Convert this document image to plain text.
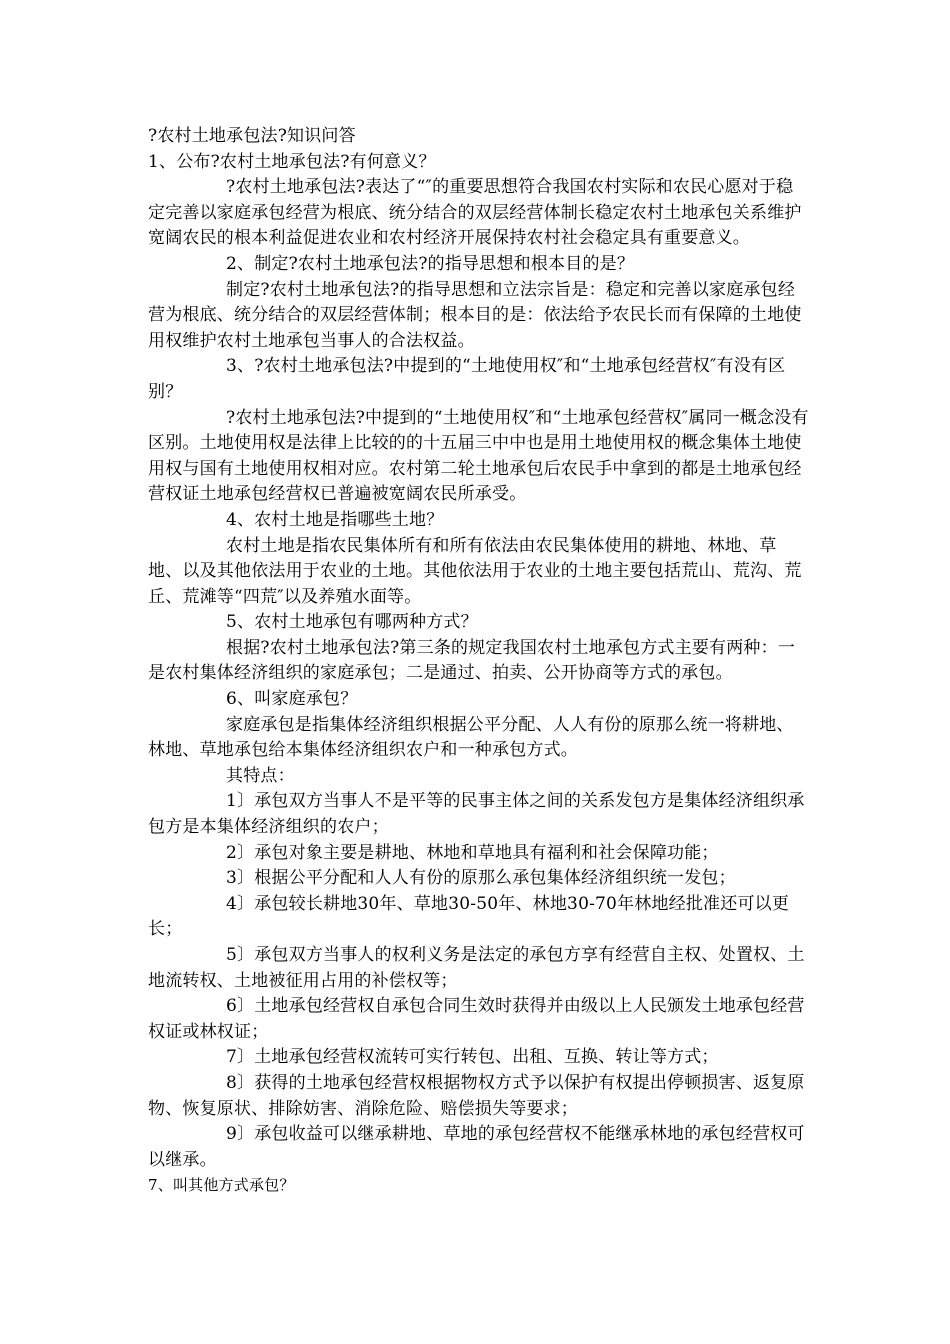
?农村土地承包法?知识问答

1、公布?农村土地承包法?有何意义？

?农村土地承包法?表达了“″的重要思想符合我国农村实际和农民心愿对于稳定完善以家庭承包经营为根底、统分结合的双层经营体制长稳定农村土地承包关系维护宽阔农民的根本利益促进农业和农村经济开展保持农村社会稳定具有重要意义。

2、制定?农村土地承包法?的指导思想和根本目的是？

制定?农村土地承包法?的指导思想和立法宗旨是：稳定和完善以家庭承包经营为根底、统分结合的双层经营体制；根本目的是：依法给予农民长而有保障的土地使用权维护农村土地承包当事人的合法权益。

3、?农村土地承包法?中提到的“土地使用权″和“土地承包经营权″有没有区别？

?农村土地承包法?中提到的“土地使用权″和“土地承包经营权″属同一概念没有区别。土地使用权是法律上比较的的十五届三中中也是用土地使用权的概念集体土地使用权与国有土地使用权相对应。农村第二轮土地承包后农民手中拿到的都是土地承包经营权证土地承包经营权已普遍被宽阔农民所承受。

4、农村土地是指哪些土地？

农村土地是指农民集体所有和所有依法由农民集体使用的耕地、林地、草地、以及其他依法用于农业的土地。其他依法用于农业的土地主要包括荒山、荒沟、荒丘、荒滩等“四荒″以及养殖水面等。

5、农村土地承包有哪两种方式？

根据?农村土地承包法?第三条的规定我国农村土地承包方式主要有两种：一是农村集体经济组织的家庭承包；二是通过、拍卖、公开协商等方式的承包。

6、叫家庭承包？

家庭承包是指集体经济组织根据公平分配、人人有份的原那么统一将耕地、林地、草地承包给本集体经济组织农户和一种承包方式。

其特点：

1〕承包双方当事人不是平等的民事主体之间的关系发包方是集体经济组织承包方是本集体经济组织的农户；

2〕承包对象主要是耕地、林地和草地具有福利和社会保障功能；

3〕根据公平分配和人人有份的原那么承包集体经济组织统一发包；

4〕承包较长耕地30年、草地30-50年、林地30-70年林地经批准还可以更长；

5〕承包双方当事人的权利义务是法定的承包方享有经营自主权、处置权、土地流转权、土地被征用占用的补偿权等；

6〕土地承包经营权自承包合同生效时获得并由级以上人民颁发土地承包经营权证或林权证；

7〕土地承包经营权流转可实行转包、出租、互换、转让等方式；

8〕获得的土地承包经营权根据物权方式予以保护有权提出停顿损害、返复原物、恢复原状、排除妨害、消除危险、赔偿损失等要求；

9〕承包收益可以继承耕地、草地的承包经营权不能继承林地的承包经营权可以继承。

7、叫其他方式承包？
